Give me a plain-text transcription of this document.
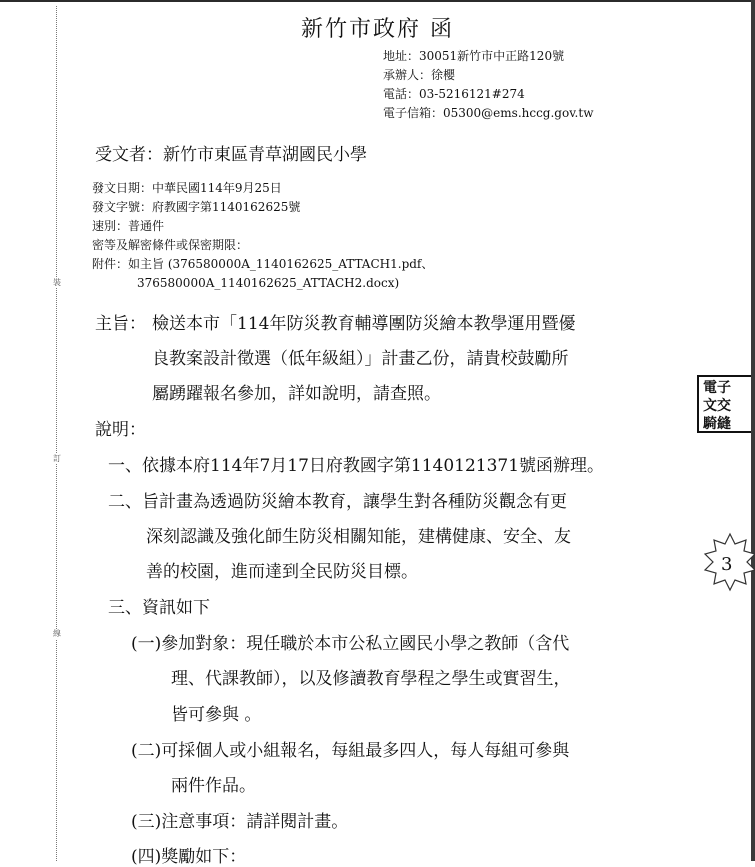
裝
訂
線
新竹市政府 函
地址：30051新竹市中正路120號
承辦人：徐櫻
電話：03-5216121#274
電子信箱：05300@ems.hccg.gov.tw
受文者：新竹市東區青草湖國民小學
發文日期：中華民國114年9月25日
發文字號：府教國字第1140162625號
速別：普通件
密等及解密條件或保密期限：
附件：如主旨 (376580000A_1140162625_ATTACH1.pdf、
376580000A_1140162625_ATTACH2.docx)
主旨： 檢送本市「114年防災教育輔導團防災繪本教學運用暨優
良教案設計徵選（低年級組）」計畫乙份，請貴校鼓勵所
屬踴躍報名參加，詳如說明，請查照。
說明：
一、依據本府114年7月17日府教國字第1140121371號函辦理。
二、旨計畫為透過防災繪本教育，讓學生對各種防災觀念有更
深刻認識及強化師生防災相關知能，建構健康、安全、友
善的校園，進而達到全民防災目標。
三、資訊如下
(一)參加對象：現任職於本市公私立國民小學之教師（含代
理、代課教師），以及修讀教育學程之學生或實習生，
皆可參與 。
(二)可採個人或小組報名，每組最多四人，每人每組可參與
兩件作品。
(三)注意事項：請詳閱計畫。
(四)獎勵如下：
電子
文交
騎縫
3
